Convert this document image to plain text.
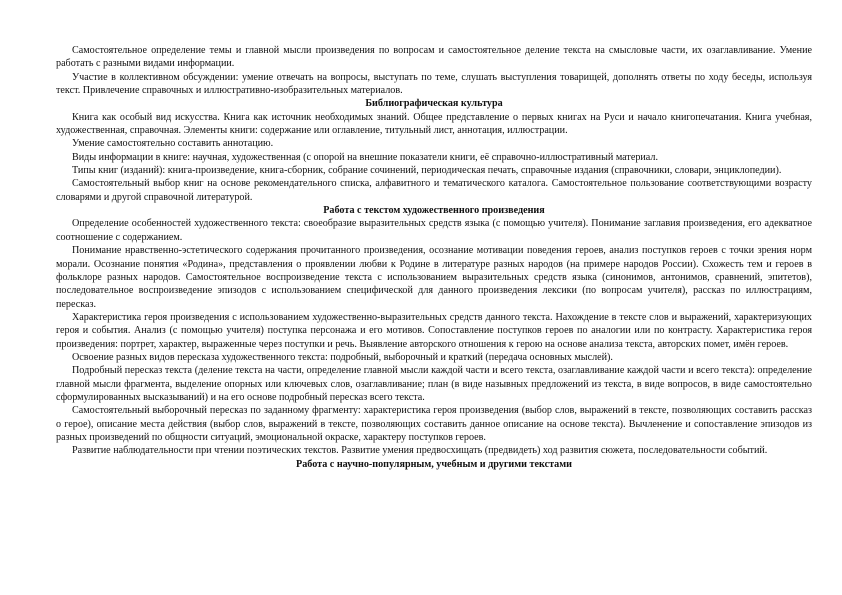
Самостоятельное определение темы и главной мысли произведения по вопросам и самостоятельное деление текста на смысловые части, их озаглавливание. Умение работать с разными видами информации.

Участие в коллективном обсуждении: умение отвечать на вопросы, выступать по теме, слушать выступления товарищей, дополнять ответы по ходу беседы, используя текст. Привлечение справочных и иллюстративно-изобразительных материалов.

Библиографическая культура

Книга как особый вид искусства. Книга как источник необходимых знаний. Общее представление о первых книгах на Руси и начало книгопечатания. Книга учебная, художественная, справочная. Элементы книги: содержание или оглавление, титульный лист, аннотация, иллюстрации.

Умение самостоятельно составить аннотацию.

Виды информации в книге: научная, художественная (с опорой на внешние показатели книги, её справочно-иллюстративный материал.

Типы книг (изданий): книга-произведение, книга-сборник, собрание сочинений, периодическая печать, справочные издания (справочники, словари, энциклопедии).

Самостоятельный выбор книг на основе рекомендательного списка, алфавитного и тематического каталога. Самостоятельное пользование соответствующими возрасту словарями и другой справочной литературой.

Работа с текстом художественного произведения

Определение особенностей художественного текста: своеобразие выразительных средств языка (с помощью учителя). Понимание заглавия произведения, его адекватное соотношение с содержанием.

Понимание нравственно-эстетического содержания прочитанного произведения, осознание мотивации поведения героев, анализ поступков героев с точки зрения норм морали. Осознание понятия «Родина», представления о проявлении любви к Родине в литературе разных народов (на примере народов России). Схожесть тем и героев в фольклоре разных народов. Самостоятельное воспроизведение текста с использованием выразительных средств языка (синонимов, антонимов, сравнений, эпитетов), последовательное воспроизведение эпизодов с использованием специфической для данного произведения лексики (по вопросам учителя), рассказ по иллюстрациям, пересказ.

Характеристика героя произведения с использованием художественно-выразительных средств данного текста. Нахождение в тексте слов и выражений, характеризующих героя и события. Анализ (с помощью учителя) поступка персонажа и его мотивов. Сопоставление поступков героев по аналогии или по контрасту. Характеристика героя произведения: портрет, характер, выраженные через поступки и речь. Выявление авторского отношения к герою на основе анализа текста, авторских помет, имён героев.

Освоение разных видов пересказа художественного текста: подробный, выборочный и краткий (передача основных мыслей).

Подробный пересказ текста (деление текста на части, определение главной мысли каждой части и всего текста, озаглавливание каждой части и всего текста): определение главной мысли фрагмента, выделение опорных или ключевых слов, озаглавливание; план (в виде назывных предложений из текста, в виде вопросов, в виде самостоятельно сформулированных высказываний) и на его основе подробный пересказ всего текста.

Самостоятельный выборочный пересказ по заданному фрагменту: характеристика героя произведения (выбор слов, выражений в тексте, позволяющих составить рассказ о герое), описание места действия (выбор слов, выражений в тексте, позволяющих составить данное описание на основе текста). Вычленение и сопоставление эпизодов из разных произведений по общности ситуаций, эмоциональной окраске, характеру поступков героев.

Развитие наблюдательности при чтении поэтических текстов. Развитие умения предвосхищать (предвидеть) ход развития сюжета, последовательности событий.

Работа с научно-популярным, учебным и другими текстами
